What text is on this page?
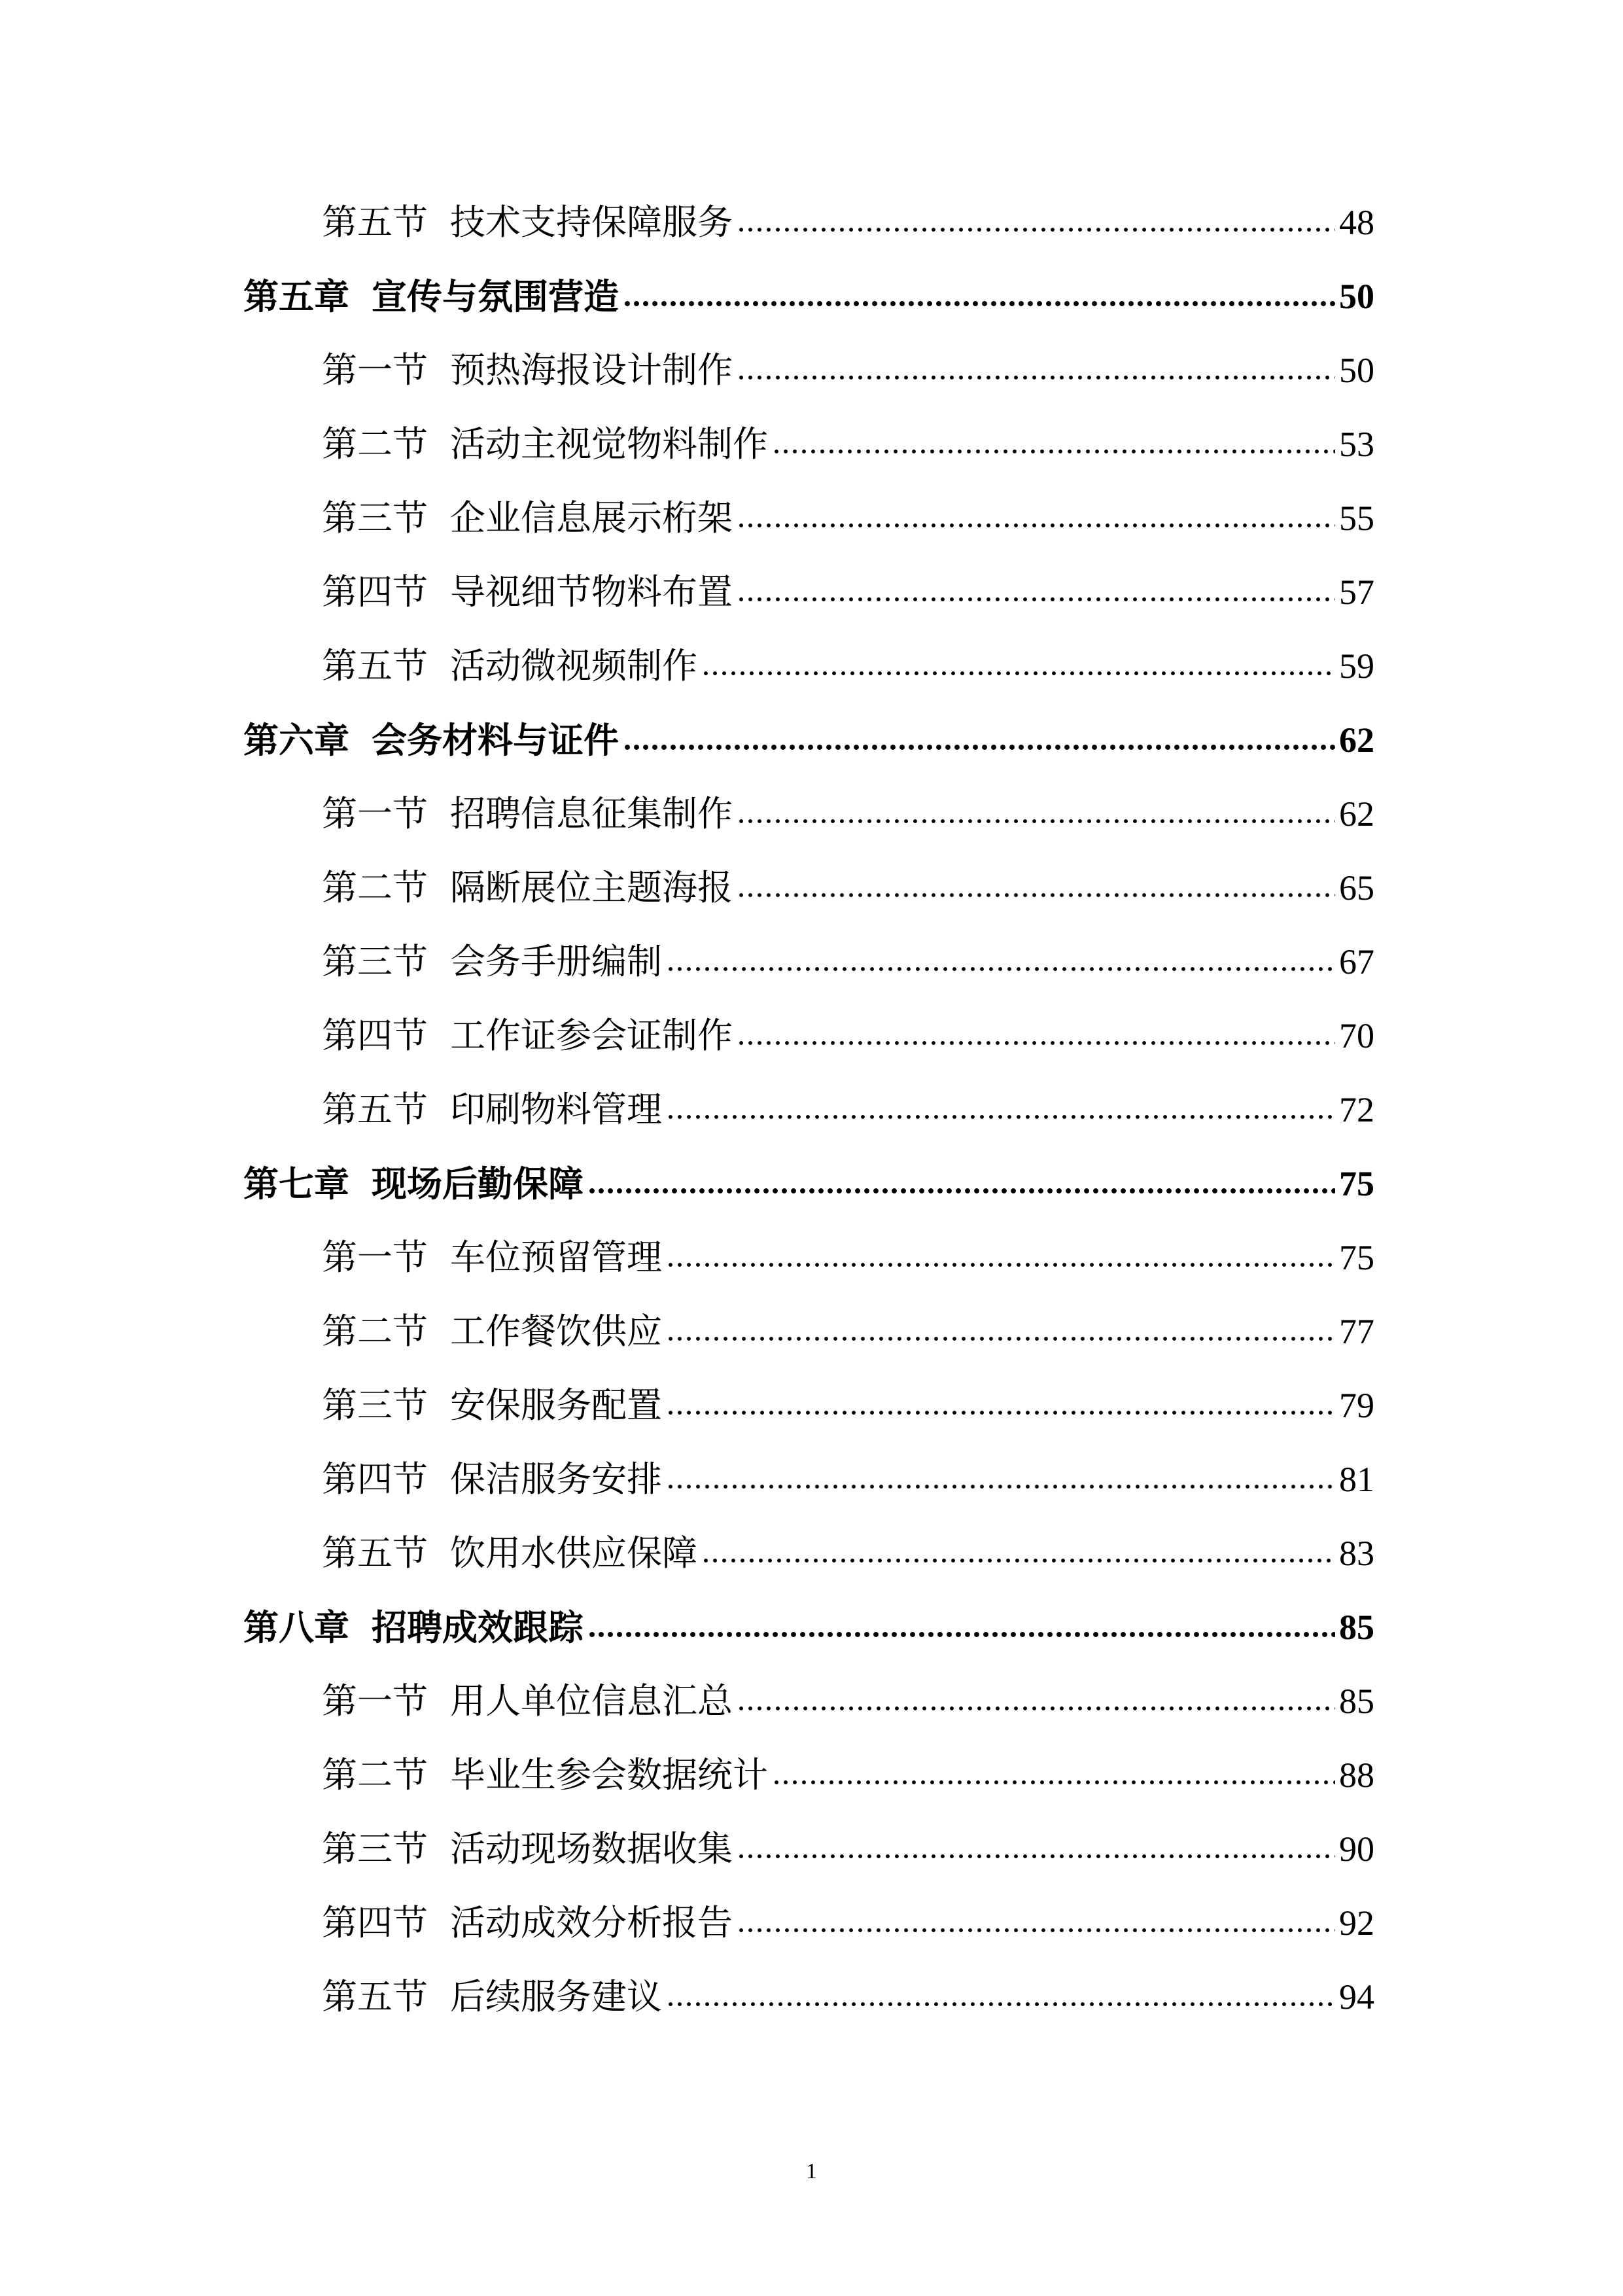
第五节 技术支持保障服务	48
第五章 宣传与氛围营造	50
第一节 预热海报设计制作	50
第二节 活动主视觉物料制作	53
第三节 企业信息展示桁架	55
第四节 导视细节物料布置	57
第五节 活动微视频制作	59
第六章 会务材料与证件	62
第一节 招聘信息征集制作	62
第二节 隔断展位主题海报	65
第三节 会务手册编制	67
第四节 工作证参会证制作	70
第五节 印刷物料管理	72
第七章 现场后勤保障	75
第一节 车位预留管理	75
第二节 工作餐饮供应	77
第三节 安保服务配置	79
第四节 保洁服务安排	81
第五节 饮用水供应保障	83
第八章 招聘成效跟踪	85
第一节 用人单位信息汇总	85
第二节 毕业生参会数据统计	88
第三节 活动现场数据收集	90
第四节 活动成效分析报告	92
第五节 后续服务建议	94
1
